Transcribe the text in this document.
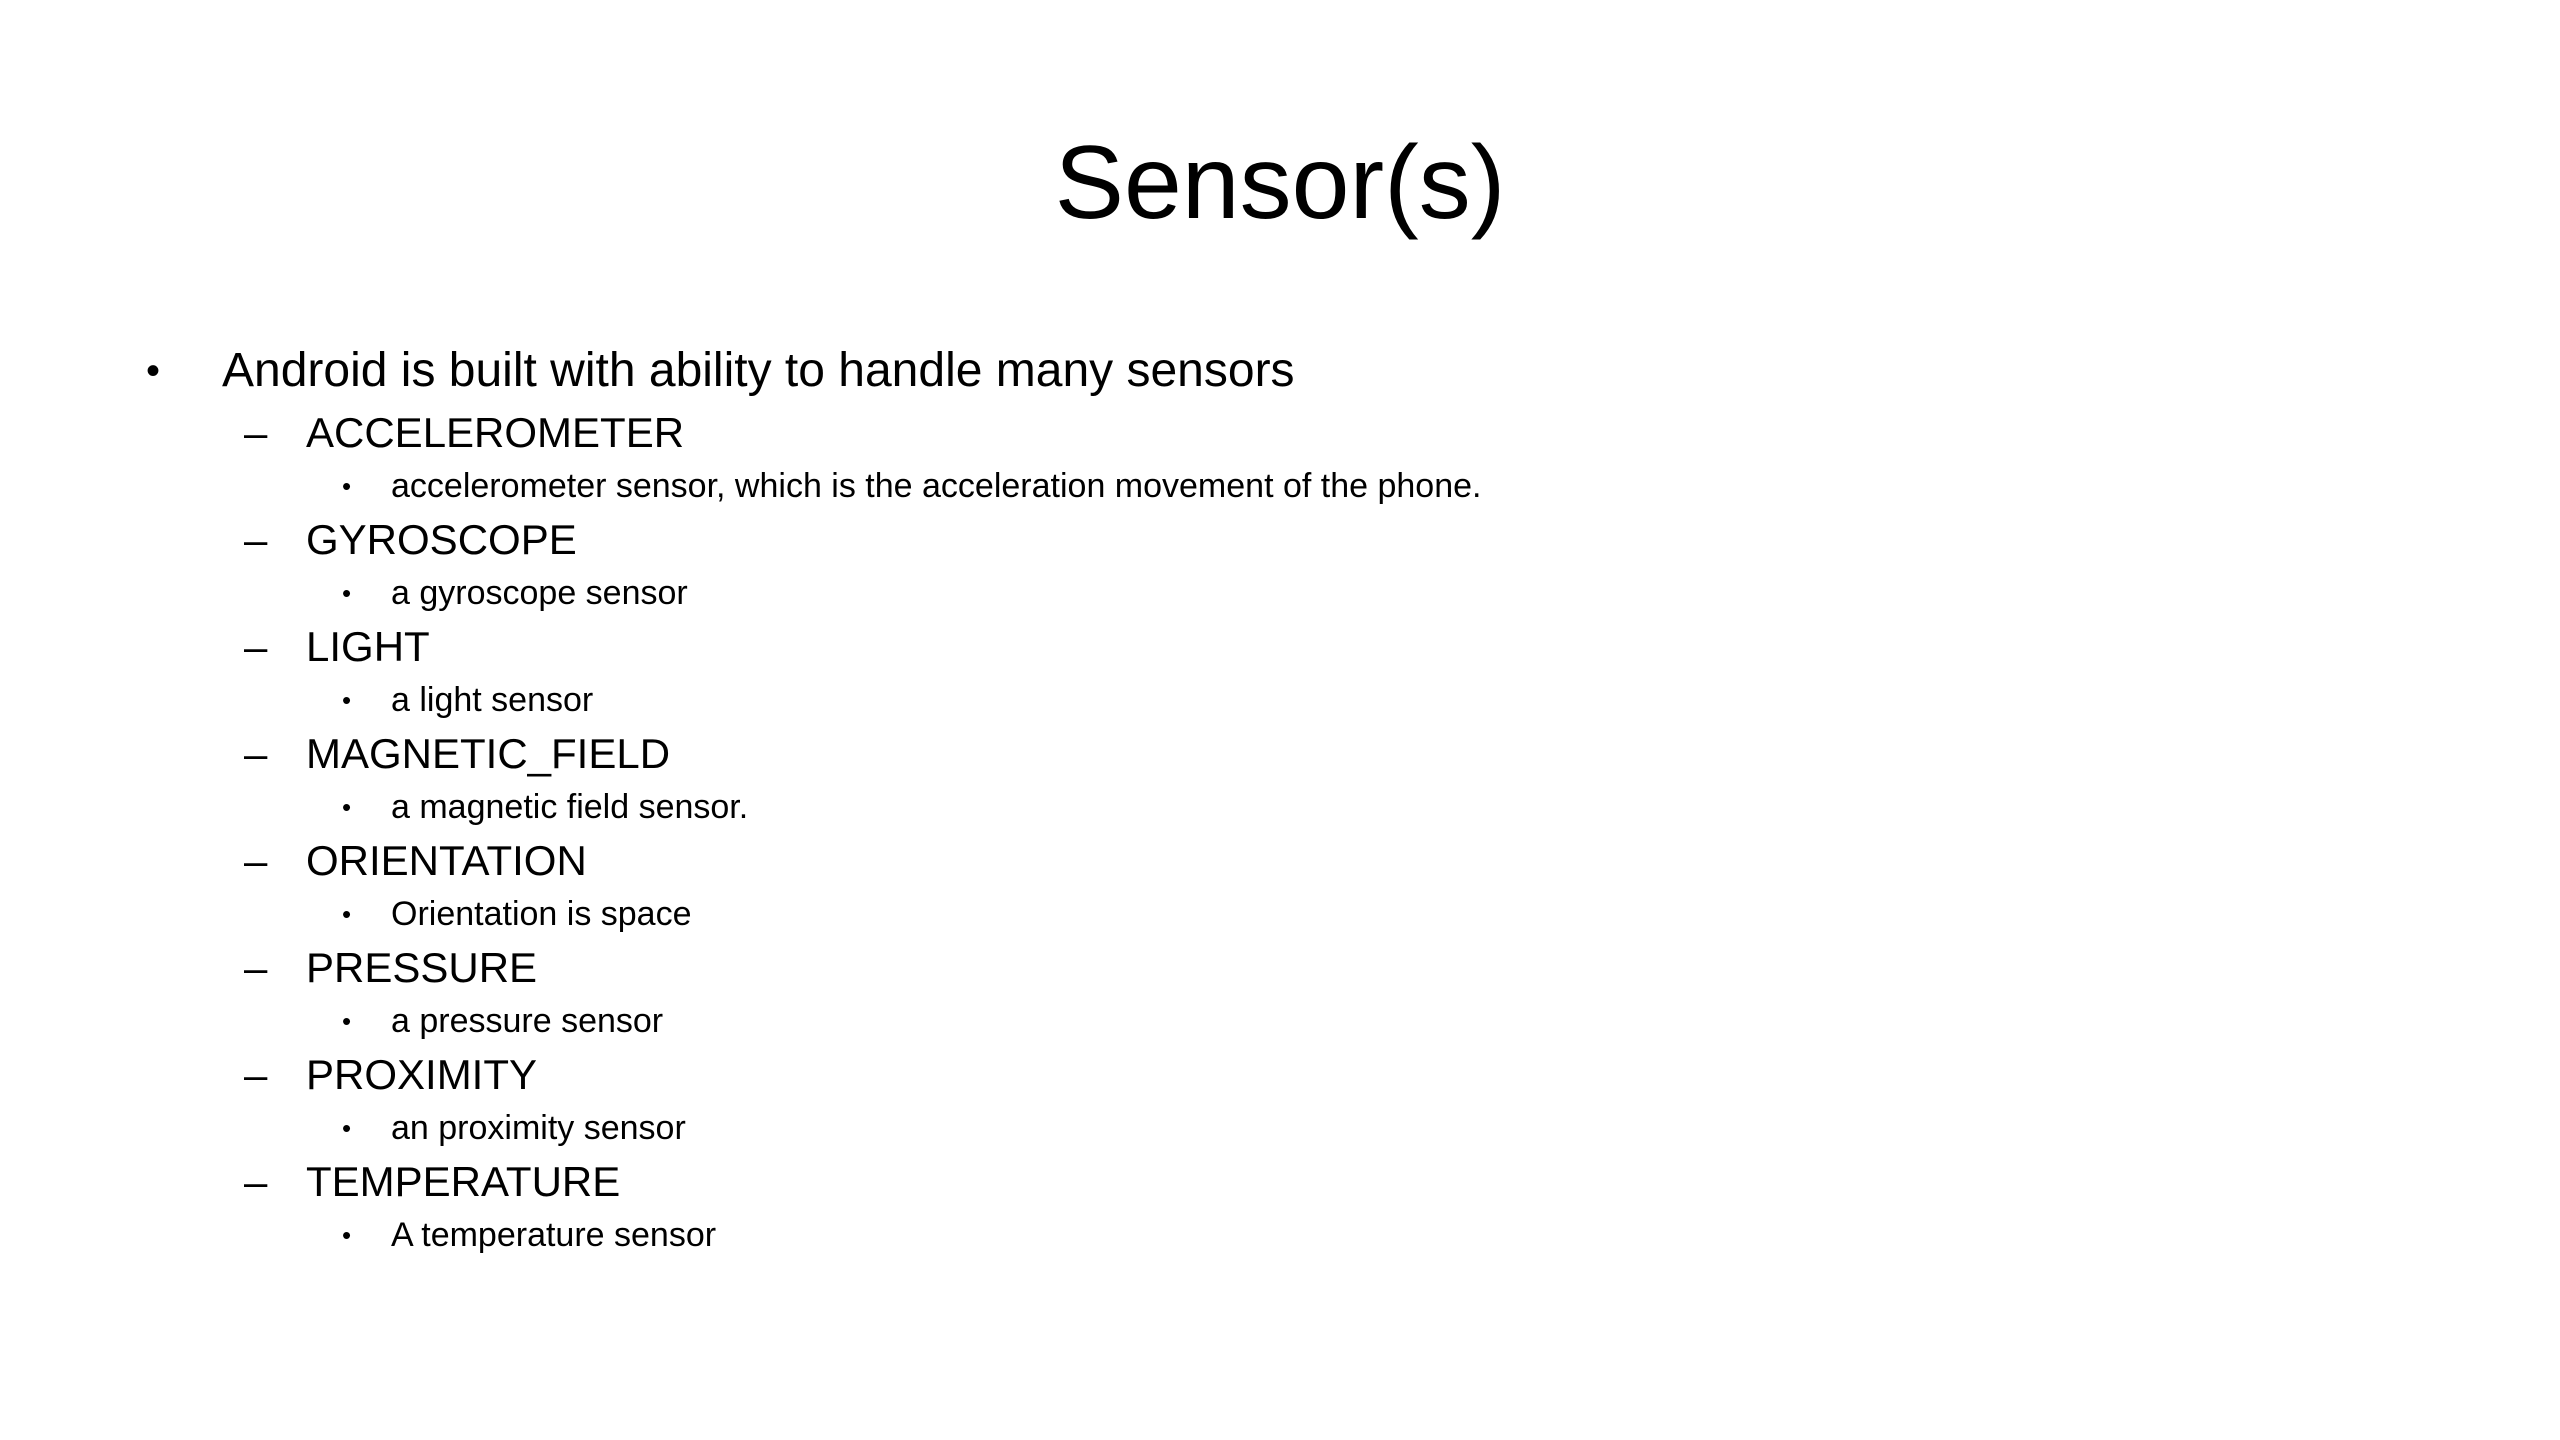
Sensor(s)
• Android is built with ability to handle many sensors
– ACCELEROMETER
• accelerometer sensor, which is the acceleration movement of the phone.
– GYROSCOPE
• a gyroscope sensor
– LIGHT
• a light sensor
– MAGNETIC_FIELD
• a magnetic field sensor.
– ORIENTATION
• Orientation is space
– PRESSURE
• a pressure sensor
– PROXIMITY
• an proximity sensor
– TEMPERATURE
• A temperature sensor
